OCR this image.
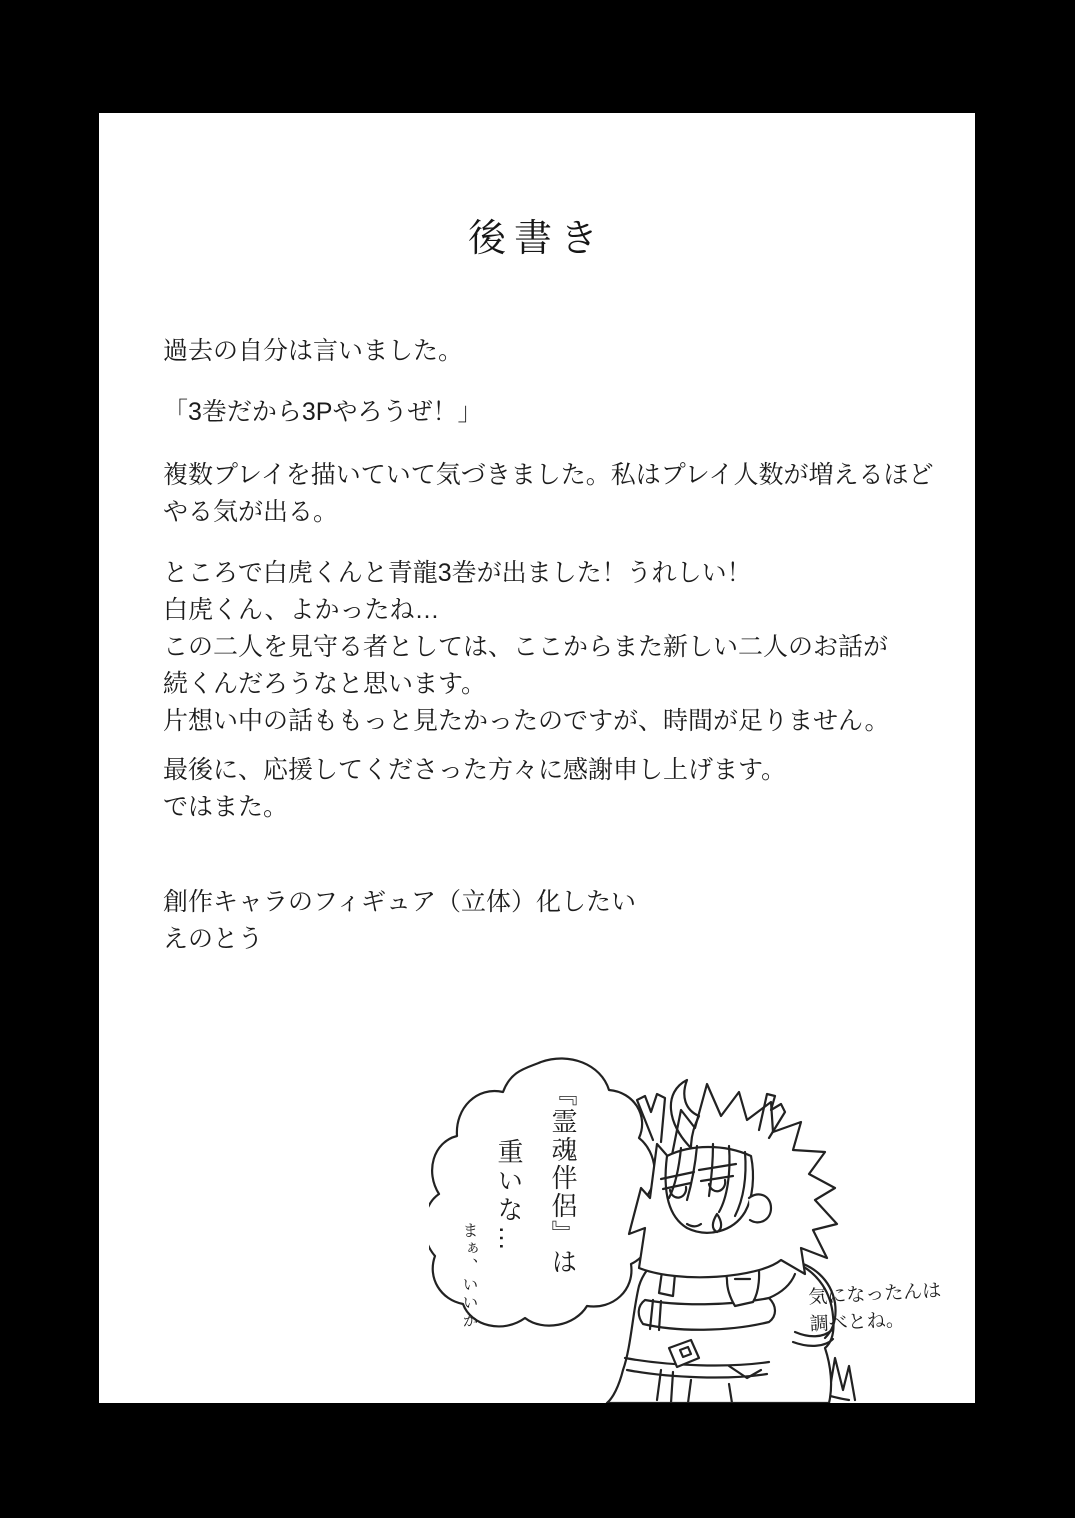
後書き
過去の自分は言いました。
「3巻だから3Pやろうぜ！」
複数プレイを描いていて気づきました。私はプレイ人数が増えるほど
やる気が出る。
ところで白虎くんと青龍3巻が出ました！うれしい！
白虎くん、よかったね…
この二人を見守る者としては、ここからまた新しい二人のお話が
続くんだろうなと思います。
片想い中の話ももっと見たかったのですが、時間が足りません。
最後に、応援してくださった方々に感謝申し上げます。
ではまた。
創作キャラのフィギュア（立体）化したい
えのとう
『霊魂伴侶』は
重いな…
まぁ、いいか	気になったんは
調べとね。
